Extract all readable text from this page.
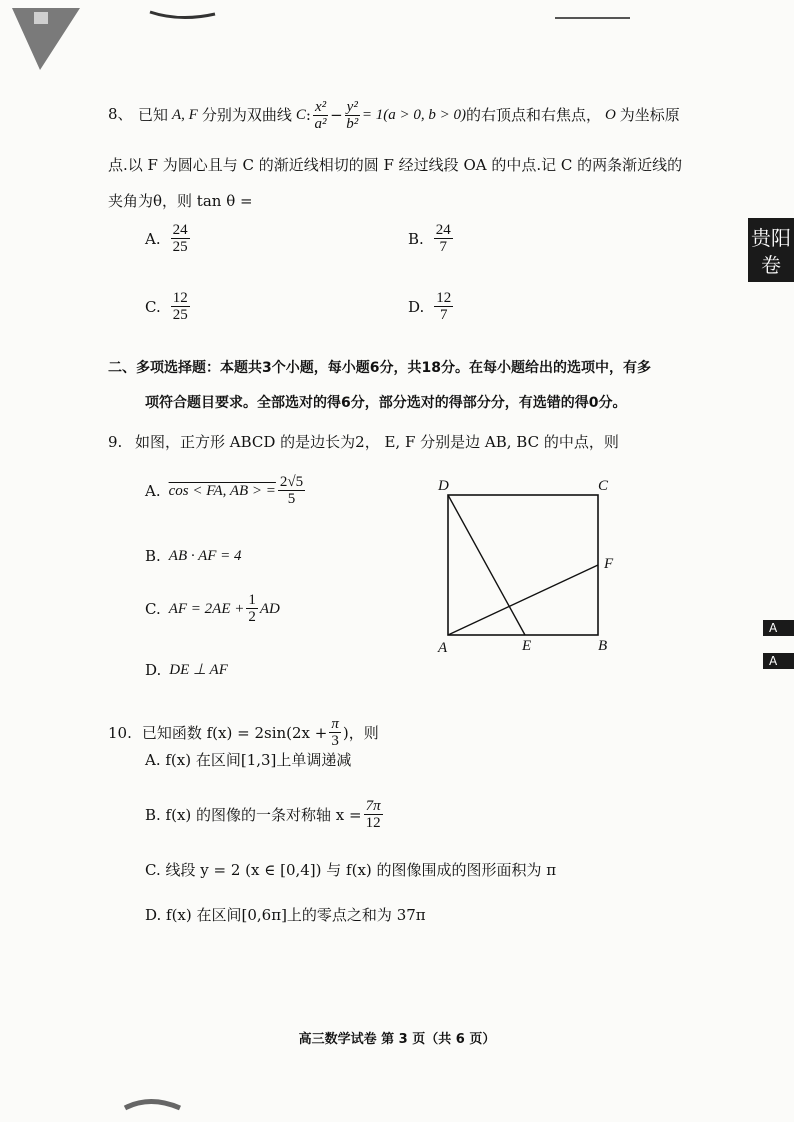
贵阳
卷
A
A
8、 已知 A, F 分别为双曲线 C : $\frac{\text{x²}}{\text{a²}} - \frac{\text{y²}}{\text{b²}} = 1(a > 0$, b > 0) 的右顶点和右焦点， O 为坐标原
点.以 F 为圆心且与 C 的渐近线相切的圆 F 经过线段 OA 的中点.记 C 的两条渐近线的
夹角为θ，则 tan θ =
A. $\frac{24}{25}$	B. $\frac{24}{7}$
C. $\frac{12}{25}$	D. $\frac{12}{7}$
二、多项选择题：本题共3个小题，每小题6分，共18分。在每小题给出的选项中，有多
项符合题目要求。全部选对的得6分，部分选对的得部分分，有选错的得0分。
9. 如图，正方形 ABCD 的是边长为2， E, F 分别是边 AB, BC 的中点，则
A. cos < FA, AB > = $\frac{2√5}{5}$
B. AB · AF = 4
C. AF = $2AE + \frac{1}{2}$ AD
D. DE ⊥ AF
D	C
F
A	E	B
10. 已知函数 $f(x) = 2\sin(2x + \frac{\pi}{3}$ )，则
A. f(x) 在区间[1,3]上单调递减
B. f(x) 的图像的一条对称轴 $x = \frac{7\pi}{12}$
C. 线段 y = 2 (x ∈ [0,4]) 与 f(x) 的图像围成的图形面积为 π
D. f(x) 在区间[0,6π]上的零点之和为 37π
高三数学试卷 第 3 页（共 6 页）
